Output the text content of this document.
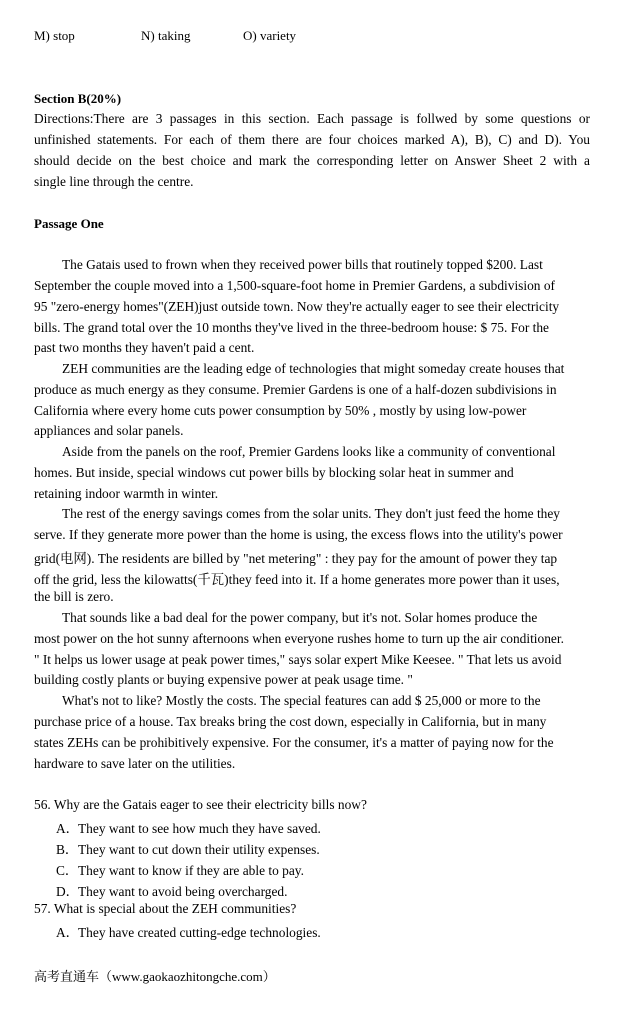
M) stop	N) taking	O) variety
Section B(20%)
Directions:There are 3 passages in this section. Each passage is follwed by some questions or
unfinished statements. For each of them there are four choices marked A), B), C) and D). You
should decide on the best choice and mark the corresponding letter on Answer Sheet 2 with a
single line through the centre.
Passage One
The Gatais used to frown when they received power bills that routinely topped $200. Last
September the couple moved into a 1,500-square-foot home in Premier Gardens, a subdivision of
95 "zero-energy homes"(ZEH)just outside town. Now they're actually eager to see their electricity
bills. The grand total over the 10 months they've lived in the three-bedroom house: $ 75. For the
past two months they haven't paid a cent.
ZEH communities are the leading edge of technologies that might someday create houses that
produce as much energy as they consume. Premier Gardens is one of a half-dozen subdivisions in
California where every home cuts power consumption by 50% , mostly by using low-power
appliances and solar panels.
Aside from the panels on the roof, Premier Gardens looks like a community of conventional
homes. But inside, special windows cut power bills by blocking solar heat in summer and
retaining indoor warmth in winter.
The rest of the energy savings comes from the solar units. They don't just feed the home they
serve. If they generate more power than the home is using, the excess flows into the utility's power
grid(电网). The residents are billed by "net metering" : they pay for the amount of power they tap
off the grid, less the kilowatts(千瓦)they feed into it. If a home generates more power than it uses,
the bill is zero.
That sounds like a bad deal for the power company, but it's not. Solar homes produce the
most power on the hot sunny afternoons when everyone rushes home to turn up the air conditioner.
" It helps us lower usage at peak power times," says solar expert Mike Keesee. " That lets us avoid
building costly plants or buying expensive power at peak usage time. "
What's not to like? Mostly the costs. The special features can add $ 25,000 or more to the
purchase price of a house. Tax breaks bring the cost down, especially in California, but in many
states ZEHs can be prohibitively expensive. For the consumer, it's a matter of paying now for the
hardware to save later on the utilities.
56. Why are the Gatais eager to see their electricity bills now?
A．They want to see how much they have saved.
B．They want to cut down their utility expenses.
C．They want to know if they are able to pay.
D．They want to avoid being overcharged.
57. What is special about the ZEH communities?
A．They have created cutting-edge technologies.
高考直通车（www.gaokaozhitongche.com）
